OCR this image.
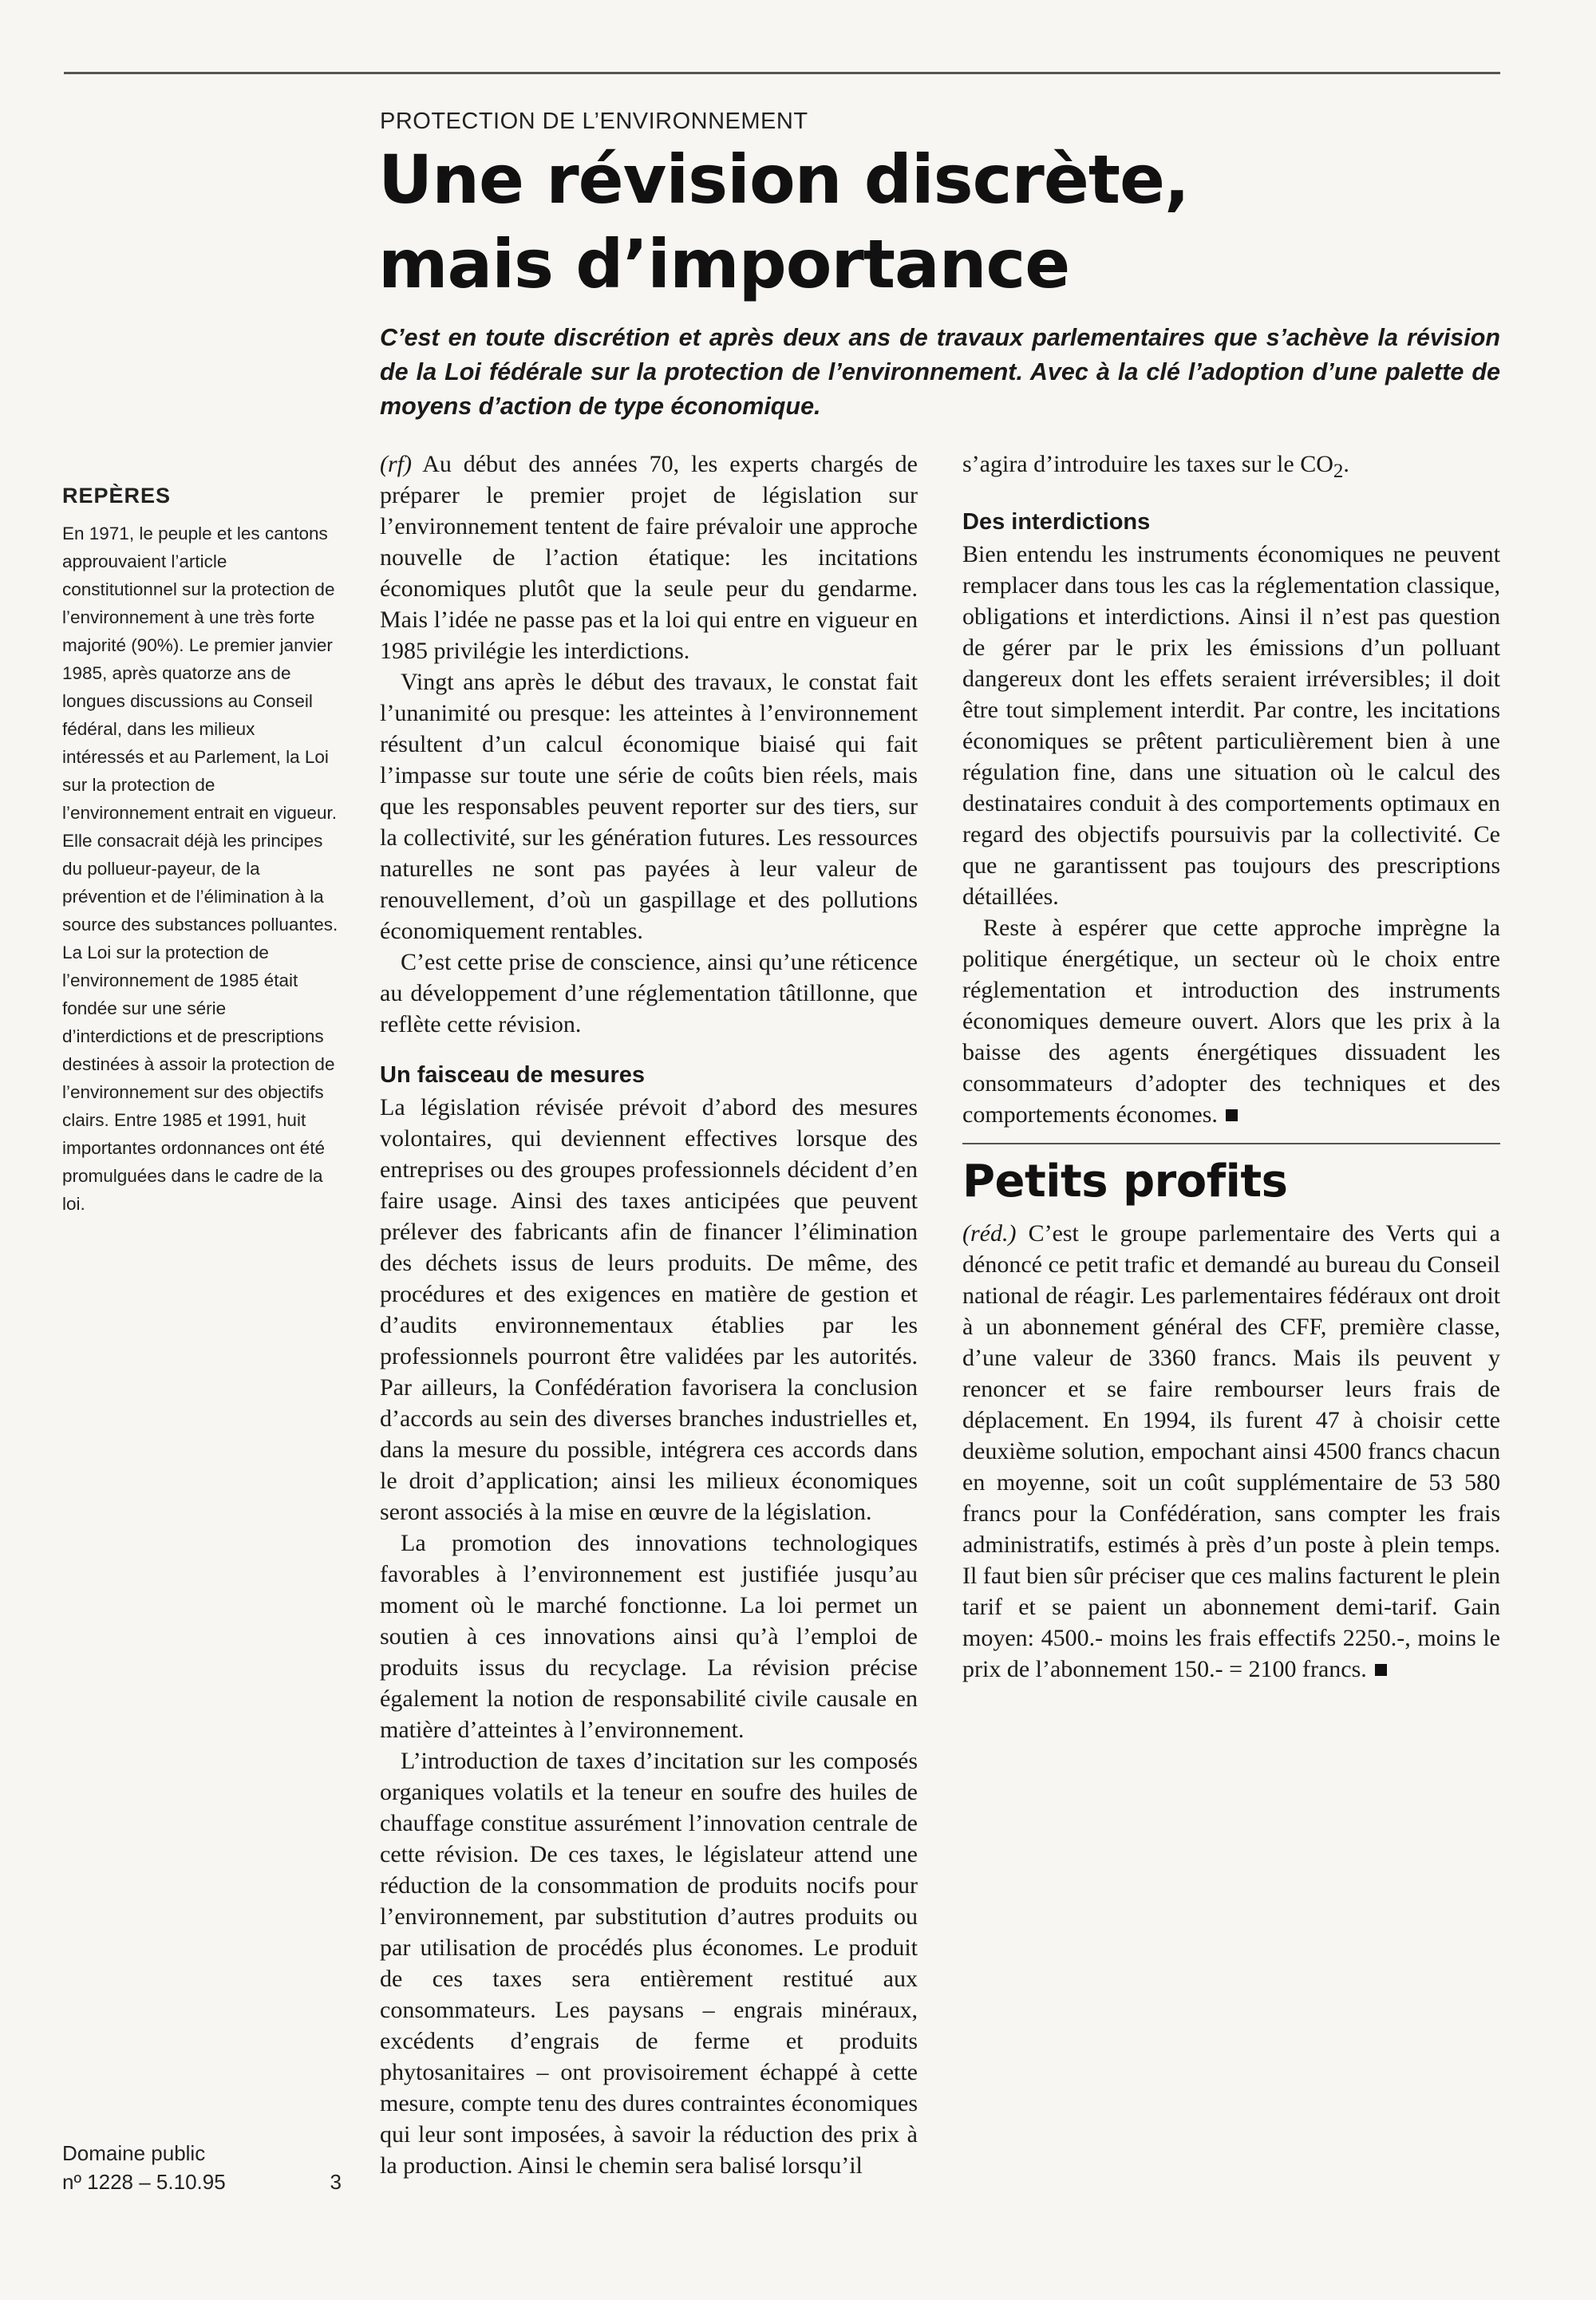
PROTECTION DE L’ENVIRONNEMENT
Une révision discrète,
mais d’importance

C’est en toute discrétion et après deux ans de travaux parlementaires que s’achève la révision de la Loi fédérale sur la protection de l’environnement. Avec à la clé l’adoption d’une palette de moyens d’action de type économique.

REPÈRES

En 1971, le peuple et les cantons approuvaient l’article constitutionnel sur la protection de l’environnement à une très forte majorité (90%). Le premier janvier 1985, après quatorze ans de longues discussions au Conseil fédéral, dans les milieux intéressés et au Parlement, la Loi sur la protection de l’environnement entrait en vigueur. Elle consacrait déjà les principes du pollueur-payeur, de la prévention et de l’élimination à la source des substances polluantes. La Loi sur la protection de l’environnement de 1985 était fondée sur une série d’interdictions et de prescriptions destinées à assoir la protection de l’environnement sur des objectifs clairs. Entre 1985 et 1991, huit importantes ordonnances ont été promulguées dans le cadre de la loi.

Domaine public
nº 1228 – 5.10.95	3

(rf) Au début des années 70, les experts chargés de préparer le premier projet de législation sur l’environnement tentent de faire prévaloir une approche nouvelle de l’action étatique: les incitations économiques plutôt que la seule peur du gendarme. Mais l’idée ne passe pas et la loi qui entre en vigueur en 1985 privilégie les interdictions.

Vingt ans après le début des travaux, le constat fait l’unanimité ou presque: les atteintes à l’environnement résultent d’un calcul économique biaisé qui fait l’impasse sur toute une série de coûts bien réels, mais que les responsables peuvent reporter sur des tiers, sur la collectivité, sur les génération futures. Les ressources naturelles ne sont pas payées à leur valeur de renouvellement, d’où un gaspillage et des pollutions économiquement rentables.

C’est cette prise de conscience, ainsi qu’une réticence au développement d’une réglementation tâtillonne, que reflète cette révision.

Un faisceau de mesures

La législation révisée prévoit d’abord des mesures volontaires, qui deviennent effectives lorsque des entreprises ou des groupes professionnels décident d’en faire usage. Ainsi des taxes anticipées que peuvent prélever des fabricants afin de financer l’élimination des déchets issus de leurs produits. De même, des procédures et des exigences en matière de gestion et d’audits environnementaux établies par les professionnels pourront être validées par les autorités. Par ailleurs, la Confédération favorisera la conclusion d’accords au sein des diverses branches industrielles et, dans la mesure du possible, intégrera ces accords dans le droit d’application; ainsi les milieux économiques seront associés à la mise en œuvre de la législation.

La promotion des innovations technologiques favorables à l’environnement est justifiée jusqu’au moment où le marché fonctionne. La loi permet un soutien à ces innovations ainsi qu’à l’emploi de produits issus du recyclage. La révision précise également la notion de responsabilité civile causale en matière d’atteintes à l’environnement.

L’introduction de taxes d’incitation sur les composés organiques volatils et la teneur en soufre des huiles de chauffage constitue assurément l’innovation centrale de cette révision. De ces taxes, le législateur attend une réduction de la consommation de produits nocifs pour l’environnement, par substitution d’autres produits ou par utilisation de procédés plus économes. Le produit de ces taxes sera entièrement restitué aux consommateurs. Les paysans – engrais minéraux, excédents d’engrais de ferme et produits phytosanitaires – ont provisoirement échappé à cette mesure, compte tenu des dures contraintes économiques qui leur sont imposées, à savoir la réduction des prix à la production. Ainsi le chemin sera balisé lorsqu’il

s’agira d’introduire les taxes sur le $CO_2$.

Des interdictions

Bien entendu les instruments économiques ne peuvent remplacer dans tous les cas la réglementation classique, obligations et interdictions. Ainsi il n’est pas question de gérer par le prix les émissions d’un polluant dangereux dont les effets seraient irréversibles; il doit être tout simplement interdit. Par contre, les incitations économiques se prêtent particulièrement bien à une régulation fine, dans une situation où le calcul des destinataires conduit à des comportements optimaux en regard des objectifs poursuivis par la collectivité. Ce que ne garantissent pas toujours des prescriptions détaillées.

Reste à espérer que cette approche imprègne la politique énergétique, un secteur où le choix entre réglementation et introduction des instruments économiques demeure ouvert. Alors que les prix à la baisse des agents énergétiques dissuadent les consommateurs d’adopter des techniques et des comportements économes.

Petits profits

(réd.) C’est le groupe parlementaire des Verts qui a dénoncé ce petit trafic et demandé au bureau du Conseil national de réagir. Les parlementaires fédéraux ont droit à un abonnement général des CFF, première classe, d’une valeur de 3360 francs. Mais ils peuvent y renoncer et se faire rembourser leurs frais de déplacement. En 1994, ils furent 47 à choisir cette deuxième solution, empochant ainsi 4500 francs chacun en moyenne, soit un coût supplémentaire de 53 580 francs pour la Confédération, sans compter les frais administratifs, estimés à près d’un poste à plein temps. Il faut bien sûr préciser que ces malins facturent le plein tarif et se paient un abonnement demi-tarif. Gain moyen: 4500.- moins les frais effectifs 2250.-, moins le prix de l’abonnement 150.- = 2100 francs.
